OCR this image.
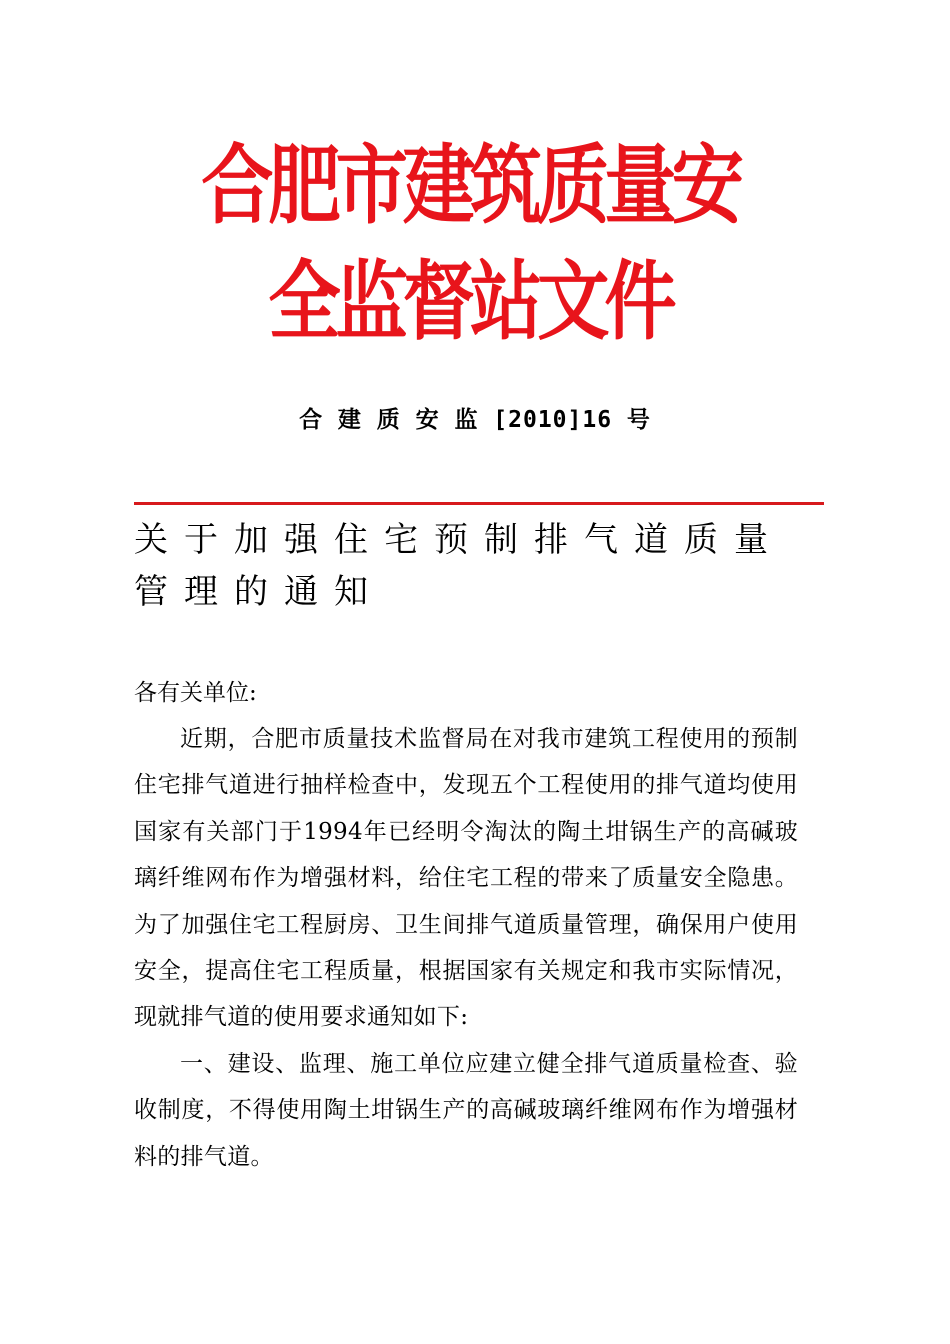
合肥市建筑质量安全监督站文件
合 建 质 安 监 [2010]16 号
关于加强住宅预制排气道质量管理的通知
各有关单位:

近期，合肥市质量技术监督局在对我市建筑工程使用的预制住宅排气道进行抽样检查中，发现五个工程使用的排气道均使用国家有关部门于1994年已经明令淘汰的陶土坩锅生产的高碱玻璃纤维网布作为增强材料，给住宅工程的带来了质量安全隐患。为了加强住宅工程厨房、卫生间排气道质量管理，确保用户使用安全，提高住宅工程质量，根据国家有关规定和我市实际情况，现就排气道的使用要求通知如下:

一、建设、监理、施工单位应建立健全排气道质量检查、验收制度，不得使用陶土坩锅生产的高碱玻璃纤维网布作为增强材料的排气道。
